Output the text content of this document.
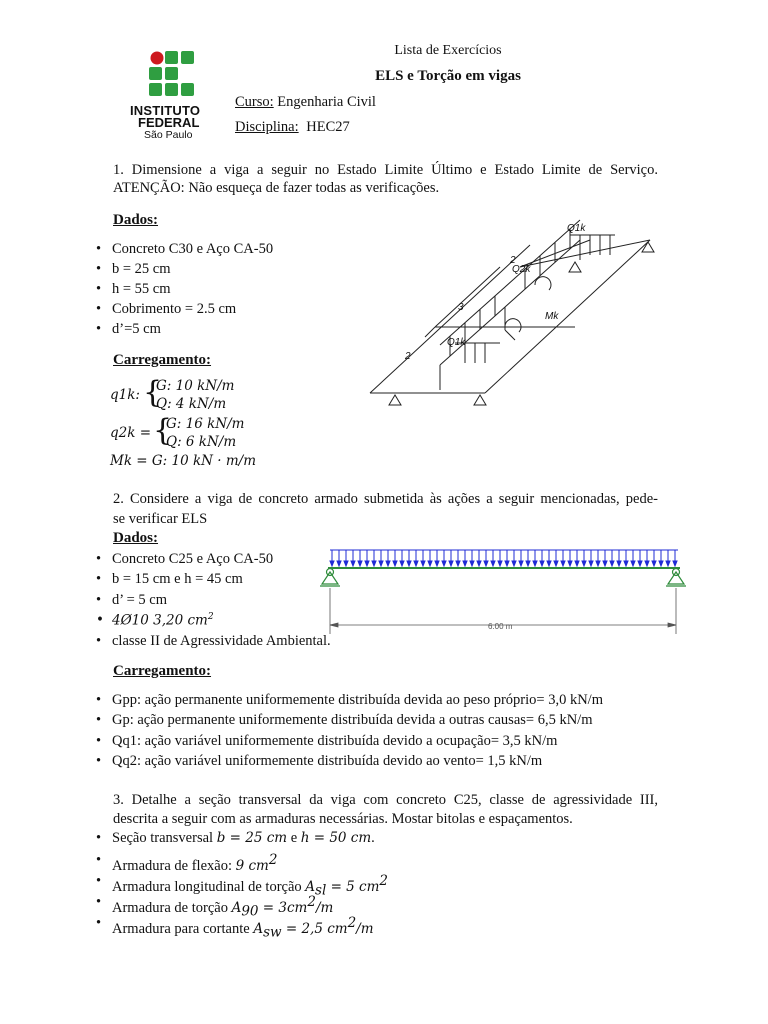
INSTITUTO
FEDERAL
São Paulo
Lista de Exercícios
ELS e Torção em vigas
Curso: Engenharia Civil
Disciplina: HEC27
1. Dimensione a viga a seguir no Estado Limite Último e Estado Limite de Serviço.
ATENÇÃO: Não esqueça de fazer todas as verificações.
Dados:
• Concreto C30 e Aço CA-50
• b = 25 cm
• h = 55 cm
• Cobrimento = 2.5 cm
• d’=5 cm
Carregamento:
q1k: {
G: 10 kN/m
Q: 4 kN/m
q2k = {
G: 16 kN/m
Q: 6 kN/m
Mk = G: 10 kN · m/m
Q1k
Q2k
Mk
Q1k
2
3
2
2. Considere a viga de concreto armado submetida às ações a seguir mencionadas, pede-
se verificar ELS
Dados:
• Concreto C25 e Aço CA-50
• b = 15 cm e h = 45 cm
• d’ = 5 cm
• 4Ø10 3,20 $cm^2$
• classe II de Agressividade Ambiental.
6.00 m
Carregamento:
• Gpp: ação permanente uniformemente distribuída devida ao peso próprio= 3,0 kN/m
• Gp: ação permanente uniformemente distribuída devida a outras causas= 6,5 kN/m
• Qq1: ação variável uniformemente distribuída devido a ocupação= 3,5 kN/m
• Qq2: ação variável uniformemente distribuída devido ao vento= 1,5 kN/m
3. Detalhe a seção transversal da viga com concreto C25, classe de agressividade III,
descrita a seguir com as armaduras necessárias. Mostar bitolas e espaçamentos.
• Seção transversal b = 25 cm e h = 50 cm.
• Armadura de flexão: 9 $cm^2$
• Armadura longitudinal de torção $A_{sl} = 5$ $cm^2$
• Armadura de torção $A_{90} = 3cm^2/m$
• Armadura para cortante $A_{sw} = 2,5$ $cm^2/m$
